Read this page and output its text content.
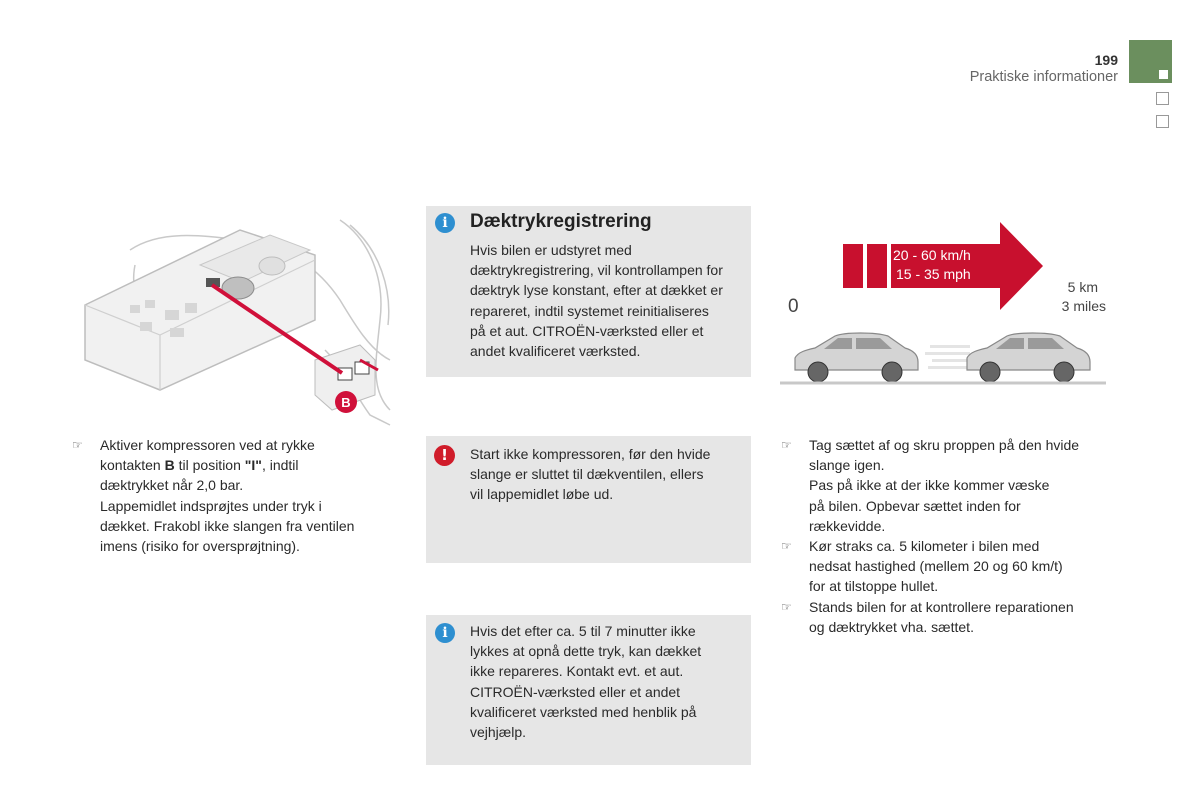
199
Praktiske informationer
B
i	Dæktrykregistrering

Hvis bilen er udstyret med

dæktrykregistrering, vil kontrollampen for

dæktryk lyse konstant, efter at dækket er

repareret, indtil systemet reinitialiseres

på et aut. CITROËN-værksted eller et

andet kvalificeret værksted.

20 - 60 km/h
15 - 35 mph
0
5 km
3 miles
☞ Aktiver kompressoren ved at rykke

kontakten B til position "I", indtil

dæktrykket når 2,0 bar.

Lappemidlet indsprøjtes under tryk i

dækket. Frakobl ikke slangen fra ventilen

imens (risiko for oversprøjtning).

!	Start ikke kompressoren, før den hvide

slange er sluttet til dækventilen, ellers

vil lappemidlet løbe ud.

i	Hvis det efter ca. 5 til 7 minutter ikke

lykkes at opnå dette tryk, kan dækket

ikke repareres. Kontakt evt. et aut.

CITROËN-værksted eller et andet

kvalificeret værksted med henblik på

vejhjælp.

☞ Tag sættet af og skru proppen på den hvide

slange igen.

Pas på ikke at der ikke kommer væske

på bilen. Opbevar sættet inden for

rækkevidde.

☞ Kør straks ca. 5 kilometer i bilen med

nedsat hastighed (mellem 20 og 60 km/t)

for at tilstoppe hullet.

☞ Stands bilen for at kontrollere reparationen

og dæktrykket vha. sættet.
